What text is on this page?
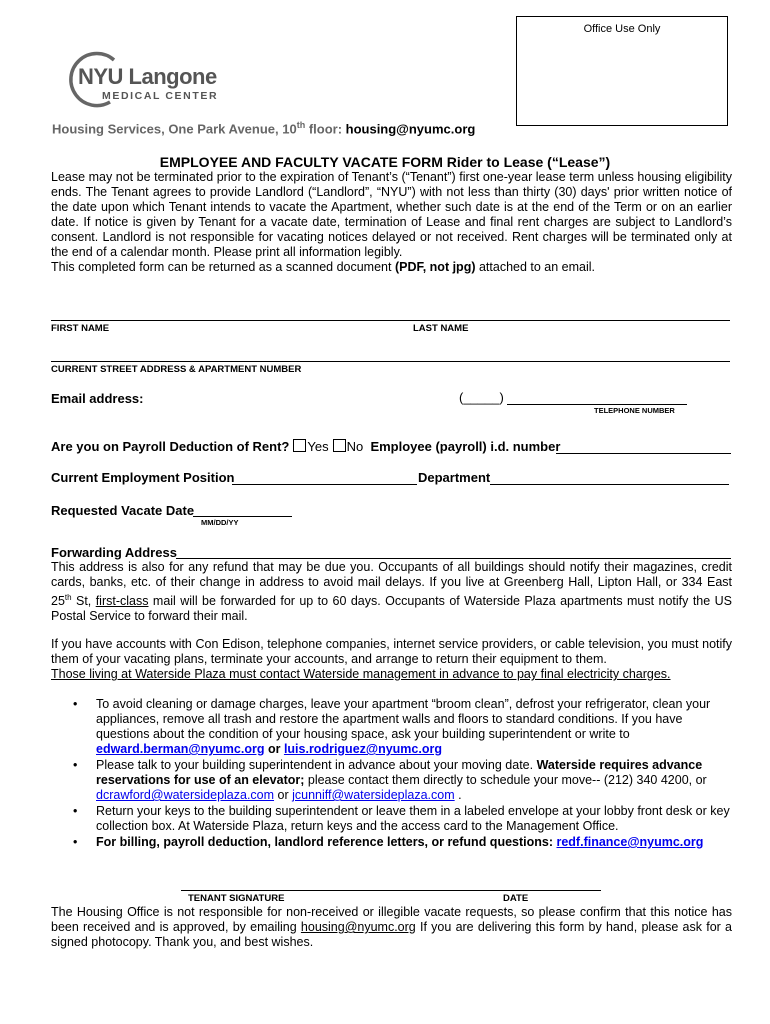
Office Use Only
NYU Langone
MEDICAL CENTER
Housing Services, One Park Avenue, 10th floor: housing@nyumc.org
EMPLOYEE AND FACULTY VACATE FORM Rider to Lease (“Lease”)
Lease may not be terminated prior to the expiration of Tenant’s (“Tenant”) first one-year lease term unless housing eligibility ends. The Tenant agrees to provide Landlord (“Landlord”, “NYU”) with not less than thirty (30) days' prior written notice of the date upon which Tenant intends to vacate the Apartment, whether such date is at the end of the Term or on an earlier date. If notice is given by Tenant for a vacate date, termination of Lease and final rent charges are subject to Landlord’s consent. Landlord is not responsible for vacating notices delayed or not received. Rent charges will be terminated only at the end of a calendar month. Please print all information legibly.
This completed form can be returned as a scanned document (PDF, not jpg) attached to an email.
FIRST NAME	LAST NAME
CURRENT STREET ADDRESS & APARTMENT NUMBER
Email address:	(_____)
TELEPHONE NUMBER
Are you on Payroll Deduction of Rent? Yes No Employee (payroll) i.d. number
Current Employment Position	Department
Requested Vacate Date
MM/DD/YY
Forwarding Address
This address is also for any refund that may be due you. Occupants of all buildings should notify their magazines, credit cards, banks, etc. of their change in address to avoid mail delays. If you live at Greenberg Hall, Lipton Hall, or 334 East 25th St, first-class mail will be forwarded for up to 60 days. Occupants of Waterside Plaza apartments must notify the US Postal Service to forward their mail.
If you have accounts with Con Edison, telephone companies, internet service providers, or cable television, you must notify them of your vacating plans, terminate your accounts, and arrange to return their equipment to them.
Those living at Waterside Plaza must contact Waterside management in advance to pay final electricity charges.
• To avoid cleaning or damage charges, leave your apartment “broom clean”, defrost your refrigerator, clean your appliances, remove all trash and restore the apartment walls and floors to standard conditions. If you have questions about the condition of your housing space, ask your building superintendent or write to edward.berman@nyumc.org or luis.rodriguez@nyumc.org
• Please talk to your building superintendent in advance about your moving date. Waterside requires advance reservations for use of an elevator; please contact them directly to schedule your move-- (212) 340 4200, or dcrawford@watersideplaza.com or jcunniff@watersideplaza.com .
• Return your keys to the building superintendent or leave them in a labeled envelope at your lobby front desk or key collection box. At Waterside Plaza, return keys and the access card to the Management Office.
• For billing, payroll deduction, landlord reference letters, or refund questions: redf.finance@nyumc.org
TENANT SIGNATURE	DATE
The Housing Office is not responsible for non-received or illegible vacate requests, so please confirm that this notice has been received and is approved, by emailing housing@nyumc.org If you are delivering this form by hand, please ask for a signed photocopy. Thank you, and best wishes.
